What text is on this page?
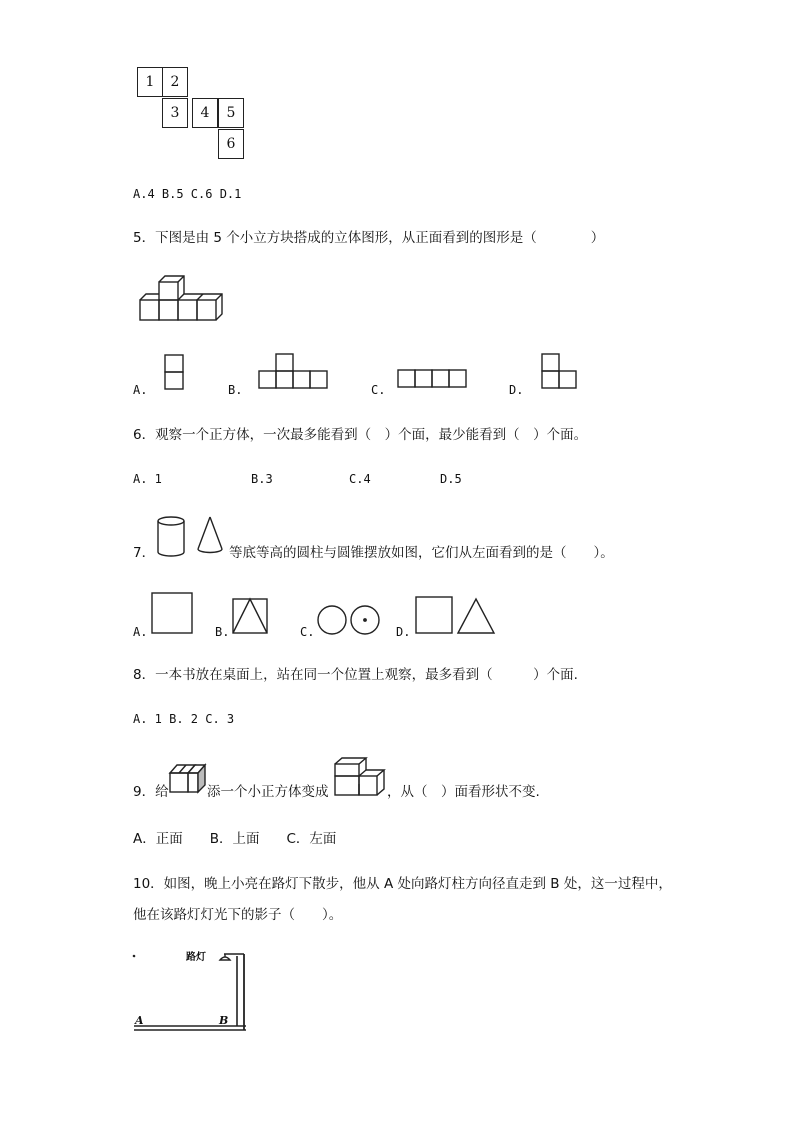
1	2
3	4	5
6
A.4 B.5 C.6 D.1
5．下图是由 5 个小立方块搭成的立体图形，从正面看到的图形是（　　　　）
A.	B.	C.	D.
6．观察一个正方体，一次最多能看到（　）个面，最少能看到（　）个面。
A. 1	B.3	C.4	D.5
7．	等底等高的圆柱与圆锥摆放如图，它们从左面看到的是（　　）。
A.	B.	C.	D.
8．一本书放在桌面上，站在同一个位置上观察，最多看到（　　　）个面.
A. 1 B. 2 C. 3
9．给	添一个小正方体变成	，从（　）面看形状不变.
A．正面　　B．上面　　C．左面
10．如图，晚上小亮在路灯下散步，他从 A 处向路灯柱方向径直走到 B 处，这一过程中，
他在该路灯灯光下的影子（　　）。
路灯
A	B
